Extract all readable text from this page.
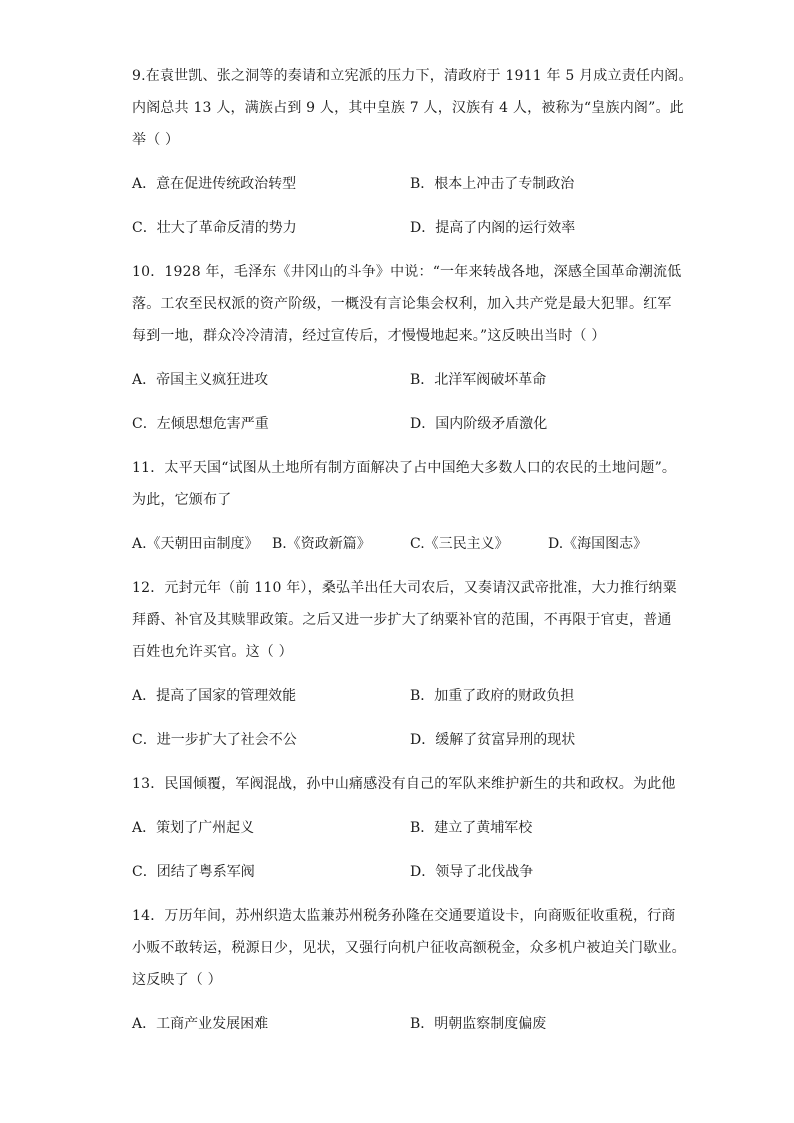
9.在袁世凯、张之洞等的奏请和立宪派的压力下，清政府于 1911 年 5 月成立责任内阁。
内阁总共 13 人，满族占到 9 人，其中皇族 7 人，汉族有 4 人，被称为“皇族内阁”。此
举（ ）
A．意在促进传统政治转型	B．根本上冲击了专制政治
C．壮大了革命反清的势力	D．提高了内阁的运行效率
10．1928 年，毛泽东《井冈山的斗争》中说：“一年来转战各地，深感全国革命潮流低
落。工农至民权派的资产阶级，一概没有言论集会权利，加入共产党是最大犯罪。红军
每到一地，群众冷冷清清，经过宣传后，才慢慢地起来。”这反映出当时（ ）
A．帝国主义疯狂进攻	B．北洋军阀破坏革命
C．左倾思想危害严重	D．国内阶级矛盾激化
11．太平天国“试图从土地所有制方面解决了占中国绝大多数人口的农民的土地问题”。
为此，它颁布了
A.《天朝田亩制度》 B.《资政新篇》	C.《三民主义》	D.《海国图志》
12．元封元年（前 110 年），桑弘羊出任大司农后，又奏请汉武帝批准，大力推行纳粟
拜爵、补官及其赎罪政策。之后又进一步扩大了纳粟补官的范围，不再限于官吏，普通
百姓也允许买官。这（ ）
A．提高了国家的管理效能	B．加重了政府的财政负担
C．进一步扩大了社会不公	D．缓解了贫富异刑的现状
13．民国倾覆，军阀混战，孙中山痛感没有自己的军队来维护新生的共和政权。为此他
A．策划了广州起义	B．建立了黄埔军校
C．团结了粤系军阀	D．领导了北伐战争
14．万历年间，苏州织造太监兼苏州税务孙隆在交通要道设卡，向商贩征收重税，行商
小贩不敢转运，税源日少，见状，又强行向机户征收高额税金，众多机户被迫关门歇业。
这反映了（ ）
A．工商产业发展困难	B．明朝监察制度偏废
